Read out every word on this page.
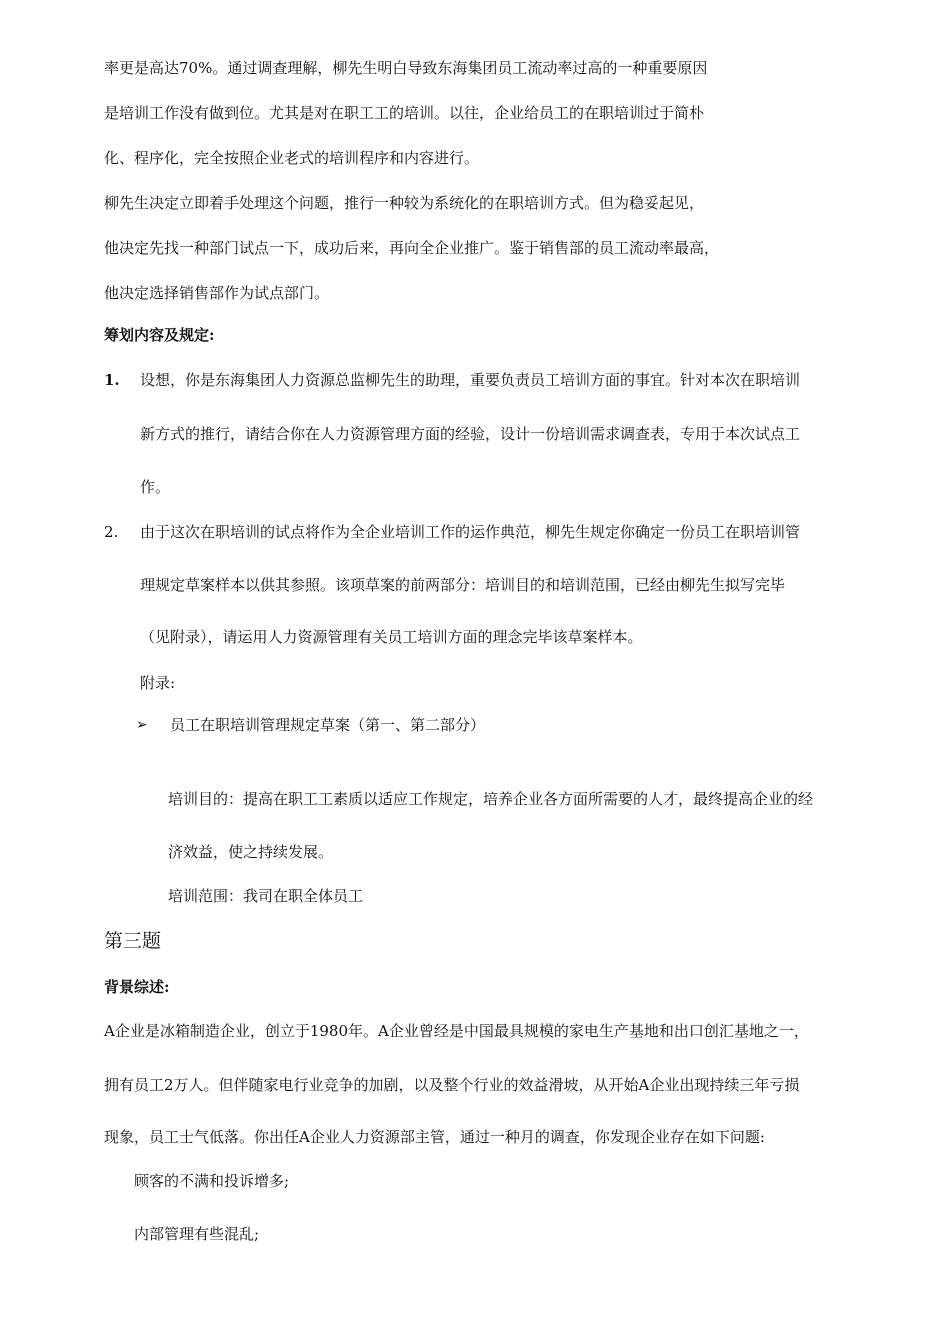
率更是高达70%。通过调查理解，柳先生明白导致东海集团员工流动率过高的一种重要原因
是培训工作没有做到位。尤其是对在职工工的培训。以往，企业给员工的在职培训过于简朴
化、程序化，完全按照企业老式的培训程序和内容进行。
柳先生决定立即着手处理这个问题，推行一种较为系统化的在职培训方式。但为稳妥起见，
他决定先找一种部门试点一下，成功后来，再向全企业推广。鉴于销售部的员工流动率最高，
他决定选择销售部作为试点部门。
筹划内容及规定:
1. 设想，你是东海集团人力资源总监柳先生的助理，重要负责员工培训方面的事宜。针对本次在职培训
新方式的推行，请结合你在人力资源管理方面的经验，设计一份培训需求调查表，专用于本次试点工
作。
2. 由于这次在职培训的试点将作为全企业培训工作的运作典范，柳先生规定你确定一份员工在职培训管
理规定草案样本以供其参照。该项草案的前两部分：培训目的和培训范围，已经由柳先生拟写完毕
（见附录），请运用人力资源管理有关员工培训方面的理念完毕该草案样本。
附录:
➢ 员工在职培训管理规定草案（第一、第二部分）
培训目的：提高在职工工素质以适应工作规定，培养企业各方面所需要的人才，最终提高企业的经
济效益，使之持续发展。
培训范围：我司在职全体员工
第三题
背景综述:
A企业是冰箱制造企业，创立于1980年。A企业曾经是中国最具规模的家电生产基地和出口创汇基地之一，
拥有员工2万人。但伴随家电行业竞争的加剧，以及整个行业的效益滑坡，从开始A企业出现持续三年亏损
现象，员工士气低落。你出任A企业人力资源部主管，通过一种月的调查，你发现企业存在如下问题:
顾客的不满和投诉增多;
内部管理有些混乱;
